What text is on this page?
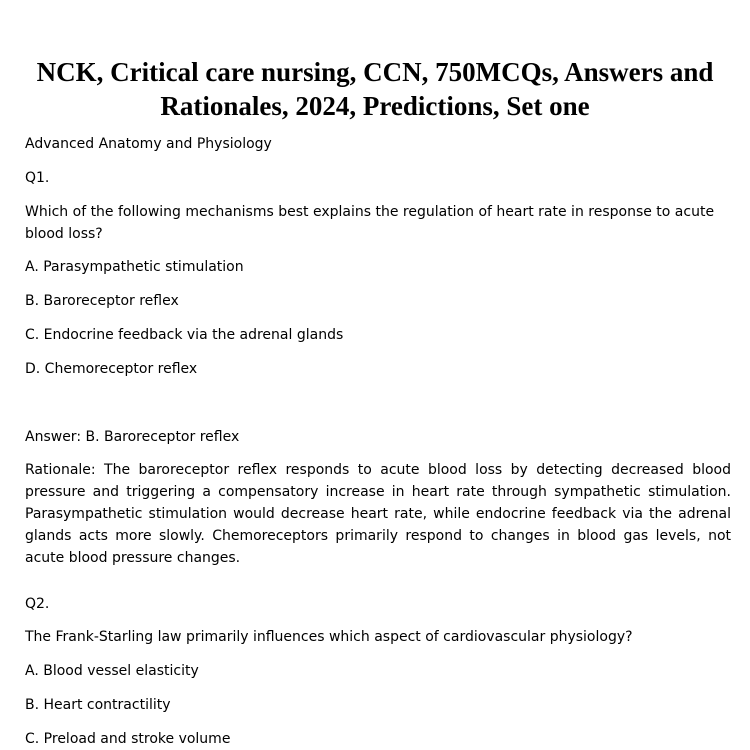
NCK, Critical care nursing, CCN, 750MCQs, Answers and Rationales, 2024, Predictions, Set one

Advanced Anatomy and Physiology

Q1.

Which of the following mechanisms best explains the regulation of heart rate in response to acute blood loss?

A. Parasympathetic stimulation

B. Baroreceptor reflex

C. Endocrine feedback via the adrenal glands

D. Chemoreceptor reflex

Answer: B. Baroreceptor reflex

Rationale: The baroreceptor reflex responds to acute blood loss by detecting decreased blood pressure and triggering a compensatory increase in heart rate through sympathetic stimulation. Parasympathetic stimulation would decrease heart rate, while endocrine feedback via the adrenal glands acts more slowly. Chemoreceptors primarily respond to changes in blood gas levels, not acute blood pressure changes.

Q2.

The Frank-Starling law primarily influences which aspect of cardiovascular physiology?

A. Blood vessel elasticity

B. Heart contractility

C. Preload and stroke volume
